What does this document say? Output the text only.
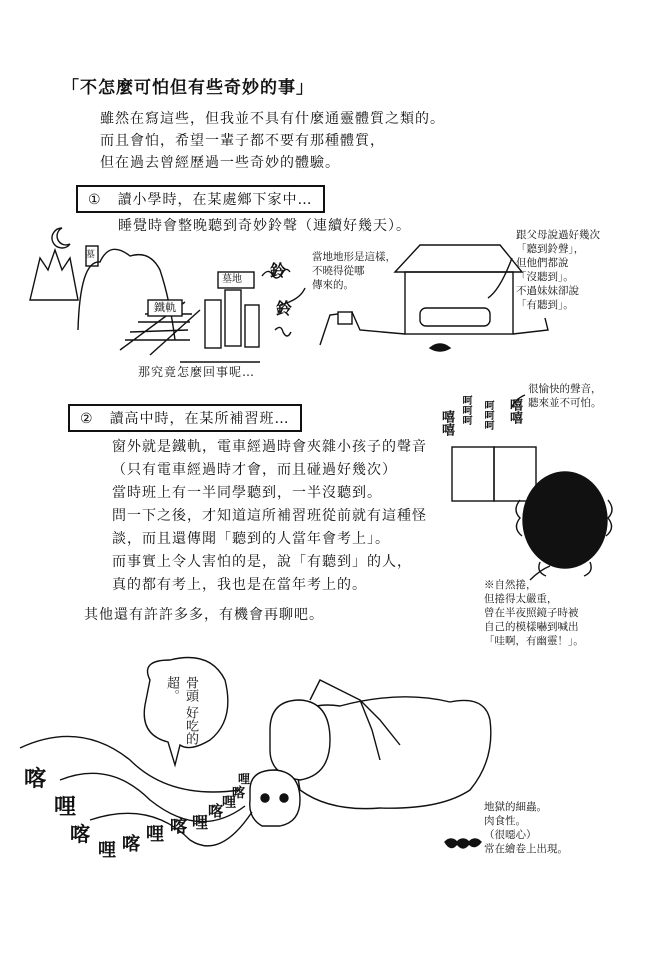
「不怎麼可怕但有些奇妙的事」
雖然在寫這些，但我並不具有什麼通靈體質之類的。
而且會怕，希望一輩子都不要有那種體質，
但在過去曾經歷過一些奇妙的體驗。
① 讀小學時，在某處鄉下家中…
睡覺時會整晚聽到奇妙鈴聲（連續好幾天）。
當地地形是這樣，
不曉得從哪
傳來的。
跟父母說過好幾次
「聽到鈴聲」，
但他們都說
「沒聽到」。
不過妹妹卻說
「有聽到」。
鐵軌
墓
墓地 鈴
鈴
那究竟怎麼回事呢…
② 讀高中時，在某所補習班…
窗外就是鐵軌，電車經過時會夾雜小孩子的聲音
（只有電車經過時才會，而且碰過好幾次）
當時班上有一半同學聽到，一半沒聽到。
問一下之後，才知道這所補習班從前就有這種怪
談，而且還傳聞「聽到的人當年會考上」。
而事實上令人害怕的是，說「有聽到」的人，
真的都有考上，我也是在當年考上的。
很愉快的聲音，
聽來並不可怕。
嘻嘻 呵呵呵 呵呵呵 嘻嘻
※自然捲，
但捲得太嚴重，
曾在半夜照鏡子時被
自己的模樣嚇到喊出
「哇啊，有幽靈！」。
其他還有許許多多，有機會再聊吧。
骨頭 好吃的超。
喀
哩
喀
哩 喀 哩 喀 哩
喀
哩
喀
哩
地獄的細蟲。
肉食性。
（很噁心）
常在繪卷上出現。
